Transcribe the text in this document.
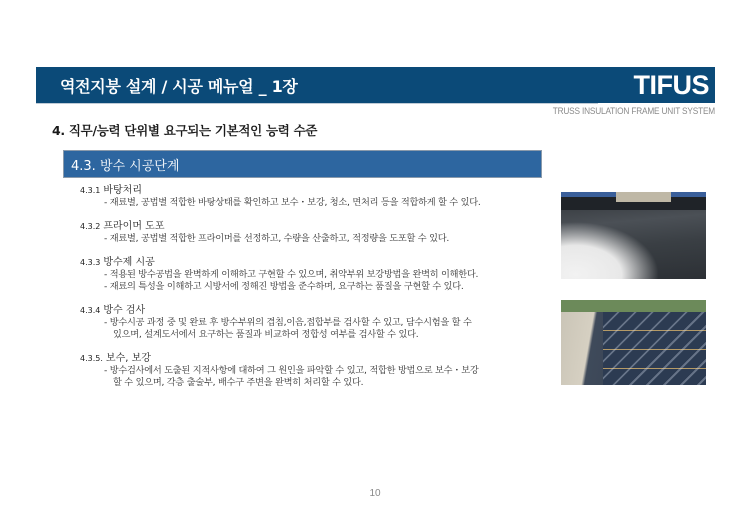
역전지붕 설계 / 시공 메뉴얼 _ 1장	TIFUS
TRUSS INSULATION FRAME UNIT SYSTEM
4. 직무/능력 단위별 요구되는 기본적인 능력 수준
4.3. 방수 시공단계
4.3.1 바탕처리
- 재료별, 공법별 적합한 바탕상태를 확인하고 보수・보강, 청소, 면처리 등을 적합하게 할 수 있다.
4.3.2 프라이머 도포
- 재료별, 공법별 적합한 프라이머를 선정하고, 수량을 산출하고, 적정량을 도포할 수 있다.
4.3.3 방수제 시공
- 적용된 방수공법을 완벽하게 이해하고 구현할 수 있으며, 취약부위 보강방법을 완벽히 이해한다.
- 재료의 특성을 이해하고 시방서에 정해진 방법을 준수하며, 요구하는 품질을 구현할 수 있다.
4.3.4 방수 검사
- 방수시공 과정 중 및 완료 후 방수부위의 겹침,이음,접합부를 검사할 수 있고, 담수시험을 할 수
있으며, 설계도서에서 요구하는 품질과 비교하여 정합성 여부를 검사할 수 있다.
4.3.5. 보수, 보강
- 방수검사에서 도출된 지적사항에 대하여 그 원인을 파악할 수 있고, 적합한 방법으로 보수・보강
할 수 있으며, 각층 출술부, 배수구 주변을 완벽히 처리할 수 있다.
10
